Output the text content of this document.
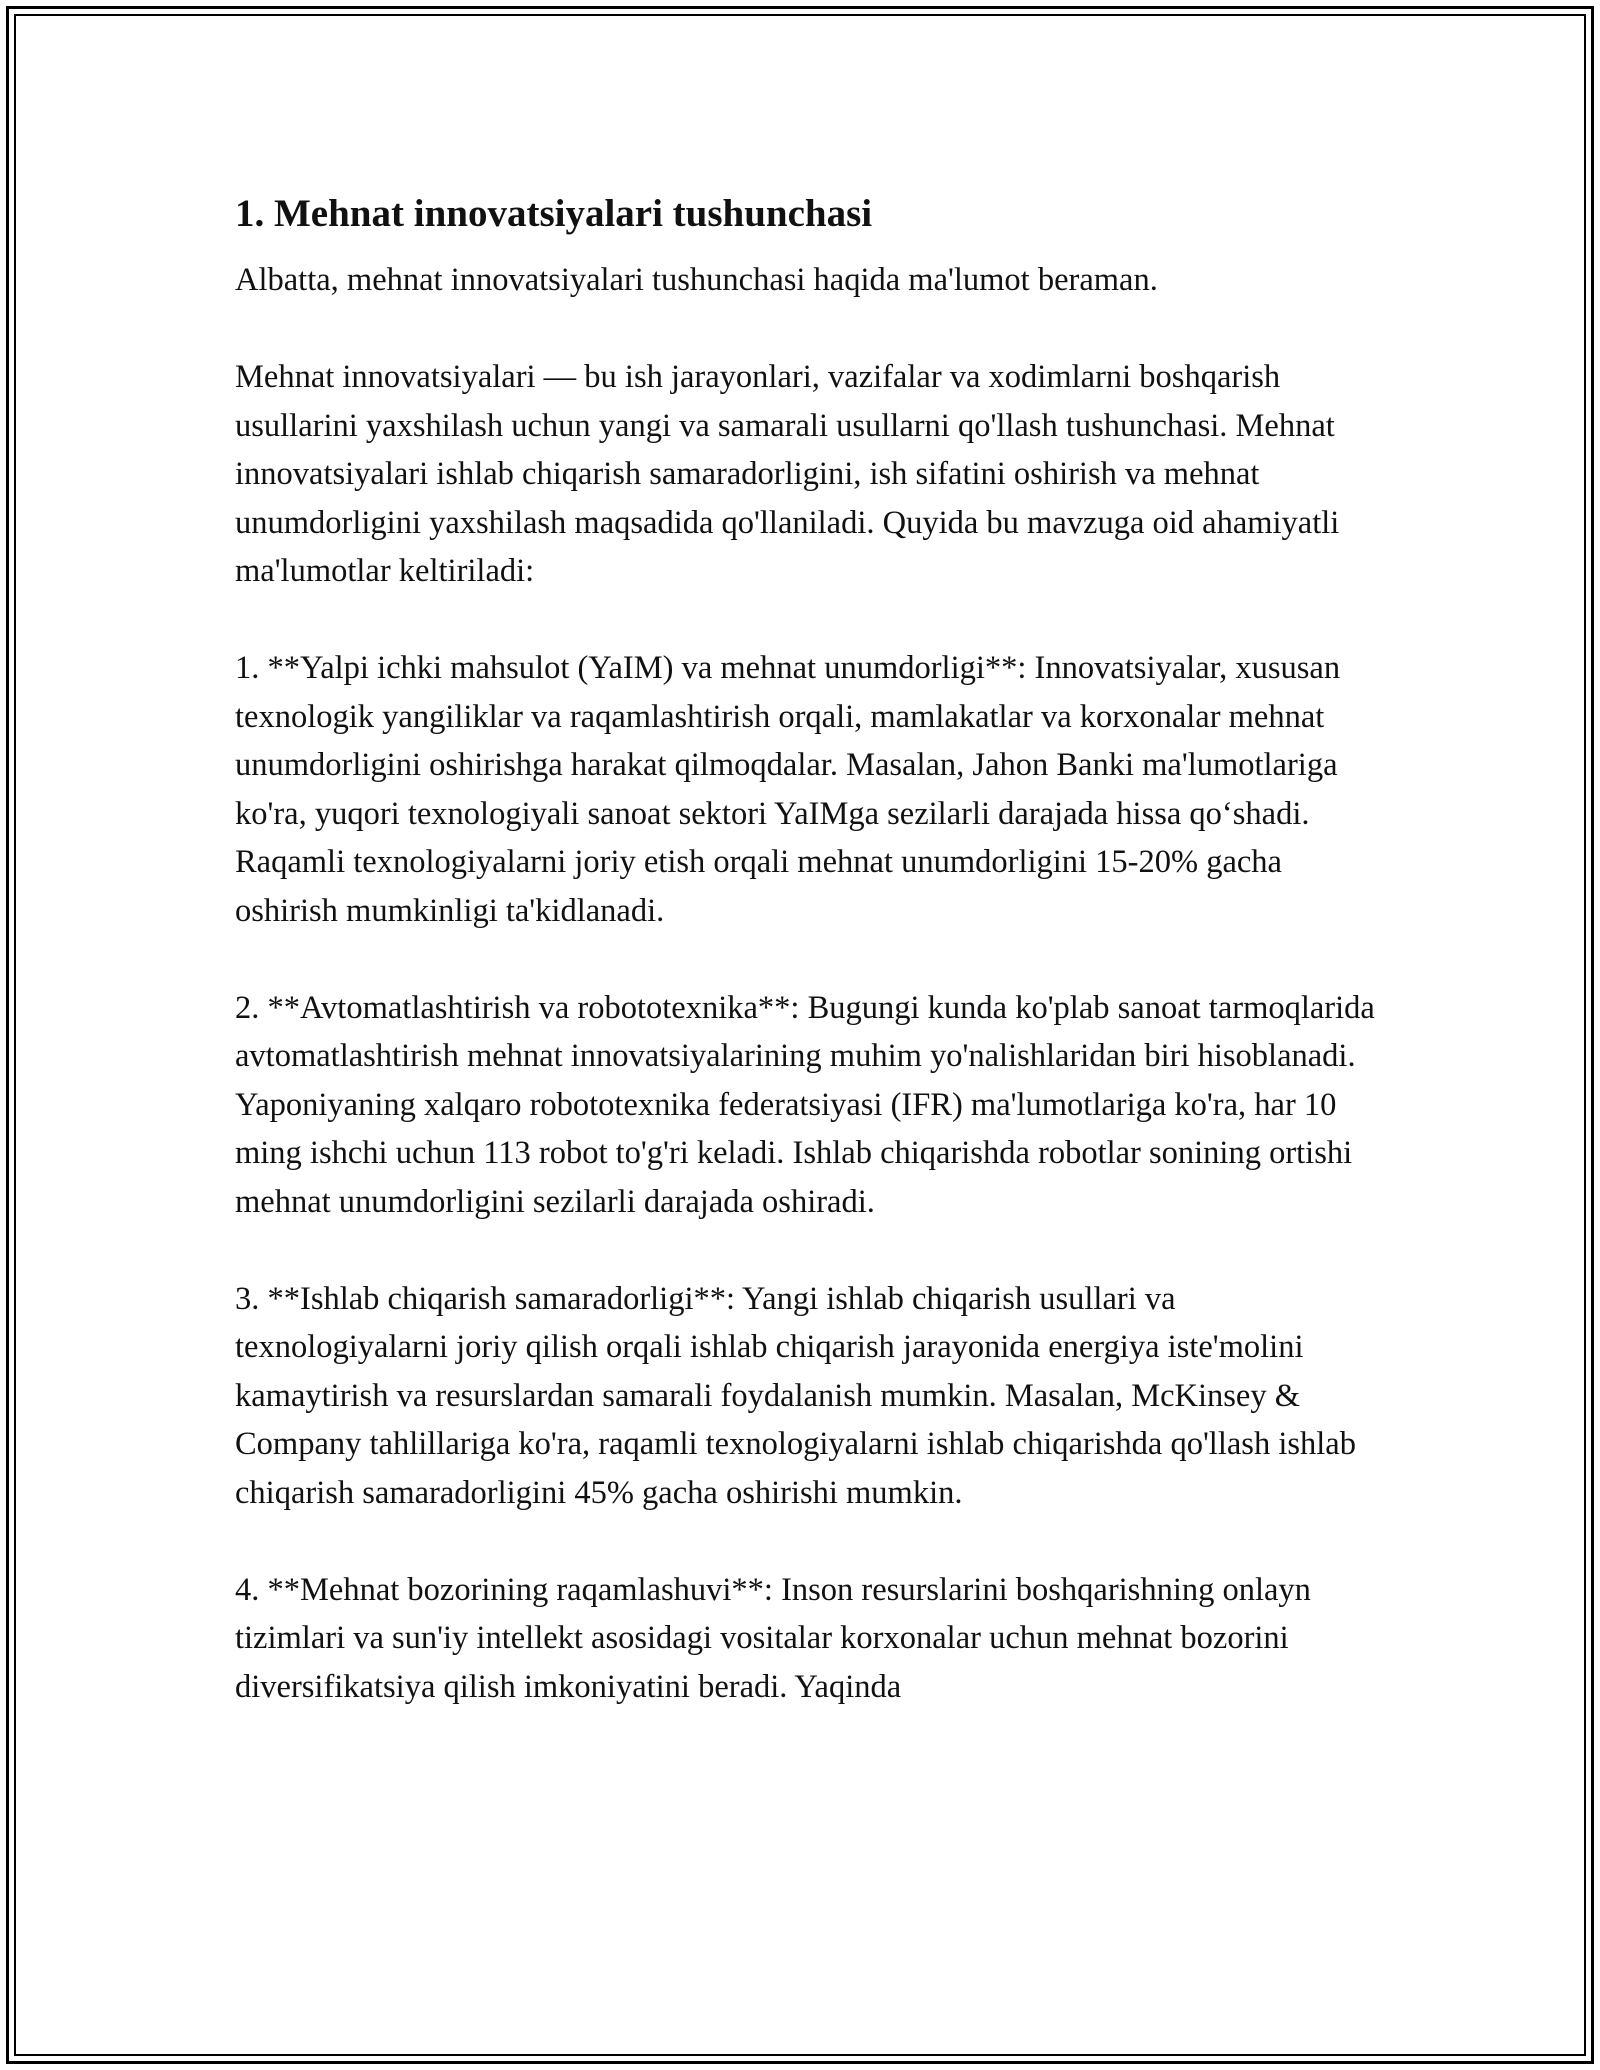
1. Mehnat innovatsiyalari tushunchasi

Albatta, mehnat innovatsiyalari tushunchasi haqida ma'lumot beraman.

Mehnat innovatsiyalari — bu ish jarayonlari, vazifalar va xodimlarni boshqarish usullarini yaxshilash uchun yangi va samarali usullarni qo'llash tushunchasi. Mehnat innovatsiyalari ishlab chiqarish samaradorligini, ish sifatini oshirish va mehnat unumdorligini yaxshilash maqsadida qo'llaniladi. Quyida bu mavzuga oid ahamiyatli ma'lumotlar keltiriladi:

1. **Yalpi ichki mahsulot (YaIM) va mehnat unumdorligi**: Innovatsiyalar, xususan texnologik yangiliklar va raqamlashtirish orqali, mamlakatlar va korxonalar mehnat unumdorligini oshirishga harakat qilmoqdalar. Masalan, Jahon Banki ma'lumotlariga ko'ra, yuqori texnologiyali sanoat sektori YaIMga sezilarli darajada hissa qo‘shadi. Raqamli texnologiyalarni joriy etish orqali mehnat unumdorligini 15-20% gacha oshirish mumkinligi ta'kidlanadi.

2. **Avtomatlashtirish va robototexnika**: Bugungi kunda ko'plab sanoat tarmoqlarida avtomatlashtirish mehnat innovatsiyalarining muhim yo'nalishlaridan biri hisoblanadi. Yaponiyaning xalqaro robototexnika federatsiyasi (IFR) ma'lumotlariga ko'ra, har 10 ming ishchi uchun 113 robot to'g'ri keladi. Ishlab chiqarishda robotlar sonining ortishi mehnat unumdorligini sezilarli darajada oshiradi.

3. **Ishlab chiqarish samaradorligi**: Yangi ishlab chiqarish usullari va texnologiyalarni joriy qilish orqali ishlab chiqarish jarayonida energiya iste'molini kamaytirish va resurslardan samarali foydalanish mumkin. Masalan, McKinsey & Company tahlillariga ko'ra, raqamli texnologiyalarni ishlab chiqarishda qo'llash ishlab chiqarish samaradorligini 45% gacha oshirishi mumkin.

4. **Mehnat bozorining raqamlashuvi**: Inson resurslarini boshqarishning onlayn tizimlari va sun'iy intellekt asosidagi vositalar korxonalar uchun mehnat bozorini diversifikatsiya qilish imkoniyatini beradi. Yaqinda
